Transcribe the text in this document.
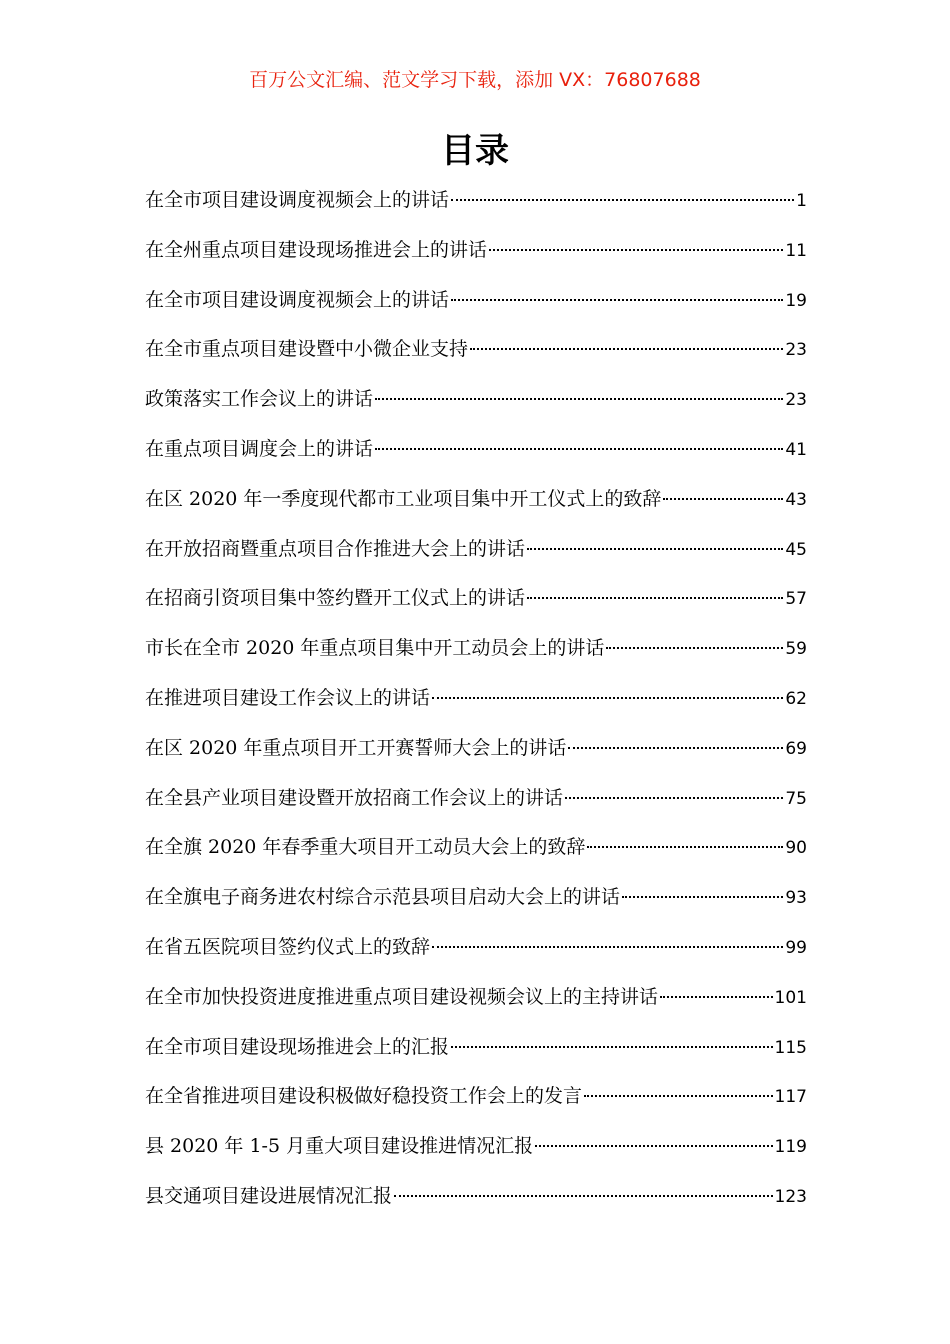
百万公文汇编、范文学习下载，添加 VX：76807688
目录
在全市项目建设调度视频会上的讲话	1
在全州重点项目建设现场推进会上的讲话	11
在全市项目建设调度视频会上的讲话	19
在全市重点项目建设暨中小微企业支持	23
政策落实工作会议上的讲话	23
在重点项目调度会上的讲话	41
在区 2020 年一季度现代都市工业项目集中开工仪式上的致辞	43
在开放招商暨重点项目合作推进大会上的讲话	45
在招商引资项目集中签约暨开工仪式上的讲话	57
市长在全市 2020 年重点项目集中开工动员会上的讲话	59
在推进项目建设工作会议上的讲话	62
在区 2020 年重点项目开工开赛誓师大会上的讲话	69
在全县产业项目建设暨开放招商工作会议上的讲话	75
在全旗 2020 年春季重大项目开工动员大会上的致辞	90
在全旗电子商务进农村综合示范县项目启动大会上的讲话	93
在省五医院项目签约仪式上的致辞	99
在全市加快投资进度推进重点项目建设视频会议上的主持讲话	101
在全市项目建设现场推进会上的汇报	115
在全省推进项目建设积极做好稳投资工作会上的发言	117
县 2020 年 1-5 月重大项目建设推进情况汇报	119
县交通项目建设进展情况汇报	123
